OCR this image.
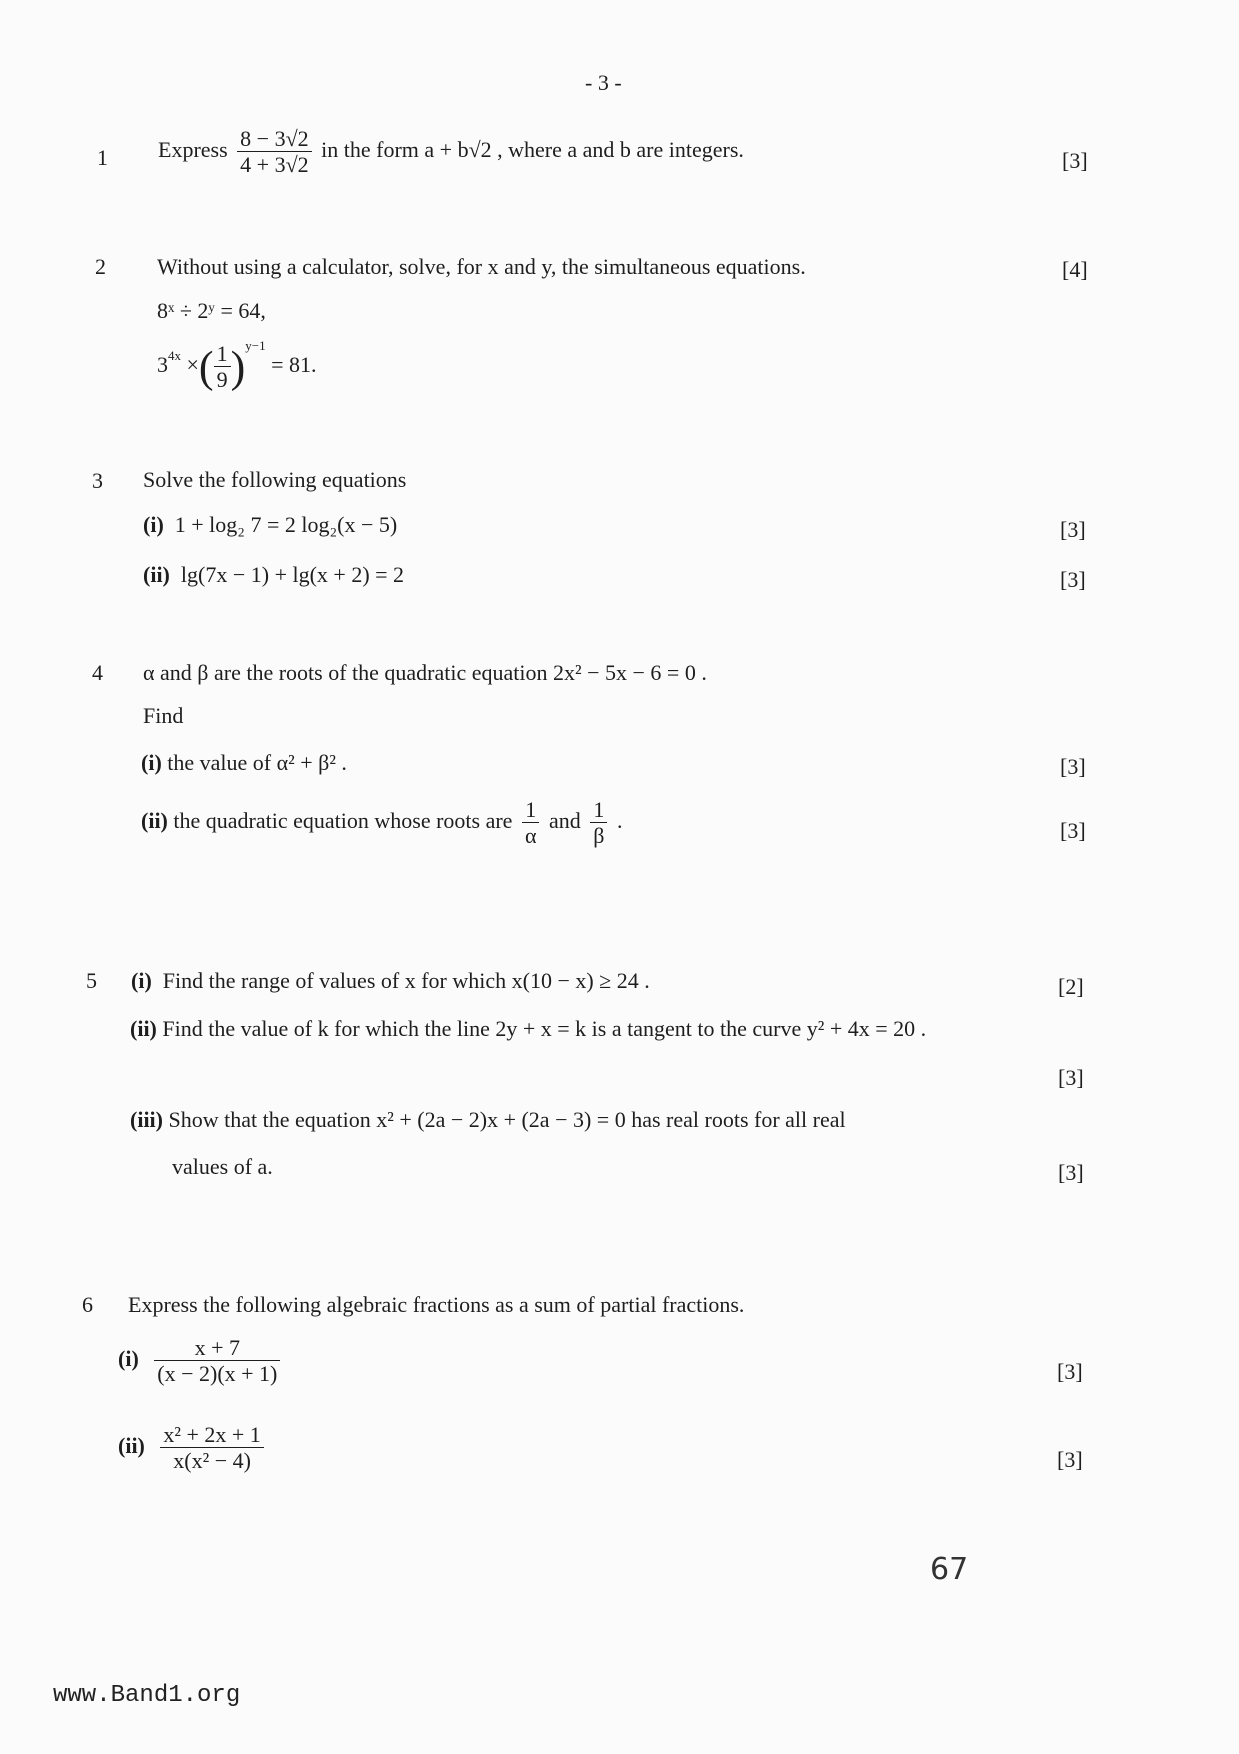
- 3 -
1 Express $\frac{8 - 3√2}{4 + 3√2}$ in the form a + b√2 , where a and b are integers.	[3]
2 Without using a calculator, solve, for x and y, the simultaneous equations.	[4]
8ˣ ÷ 2ʸ = 64,
$3^{4x}$ ×( $\frac{1}{9} )^{y-1} = 81$.
3 Solve the following equations
(i) 1 + log₂ 7 = 2 log₂(x − 5)	[3]
(ii) lg(7x − 1) + lg(x + 2) = 2	[3]
4 α and β are the roots of the quadratic equation 2x² − 5x − 6 = 0 .
Find
(i) the value of α² + β² .	[3]
(ii) the quadratic equation whose roots are $\frac{1}{\alpha}$ and $\frac{1}{\beta}$ .	[3]
5 (i) Find the range of values of x for which x(10 − x) ≥ 24 .	[2]
(ii) Find the value of k for which the line 2y + x = k is a tangent to the curve y² + 4x = 20 .
[3]
(iii) Show that the equation x² + (2a − 2)x + (2a − 3) = 0 has real roots for all real
values of a.	[3]
6 Express the following algebraic fractions as a sum of partial fractions.
$(i) \frac{x + 7}{(x - 2)(x + 1)}$	[3]
$(ii) \frac{\text{x² + 2x + 1}}{\text{x(x² − 4)}}$	[3]
67
www.Band1.org
